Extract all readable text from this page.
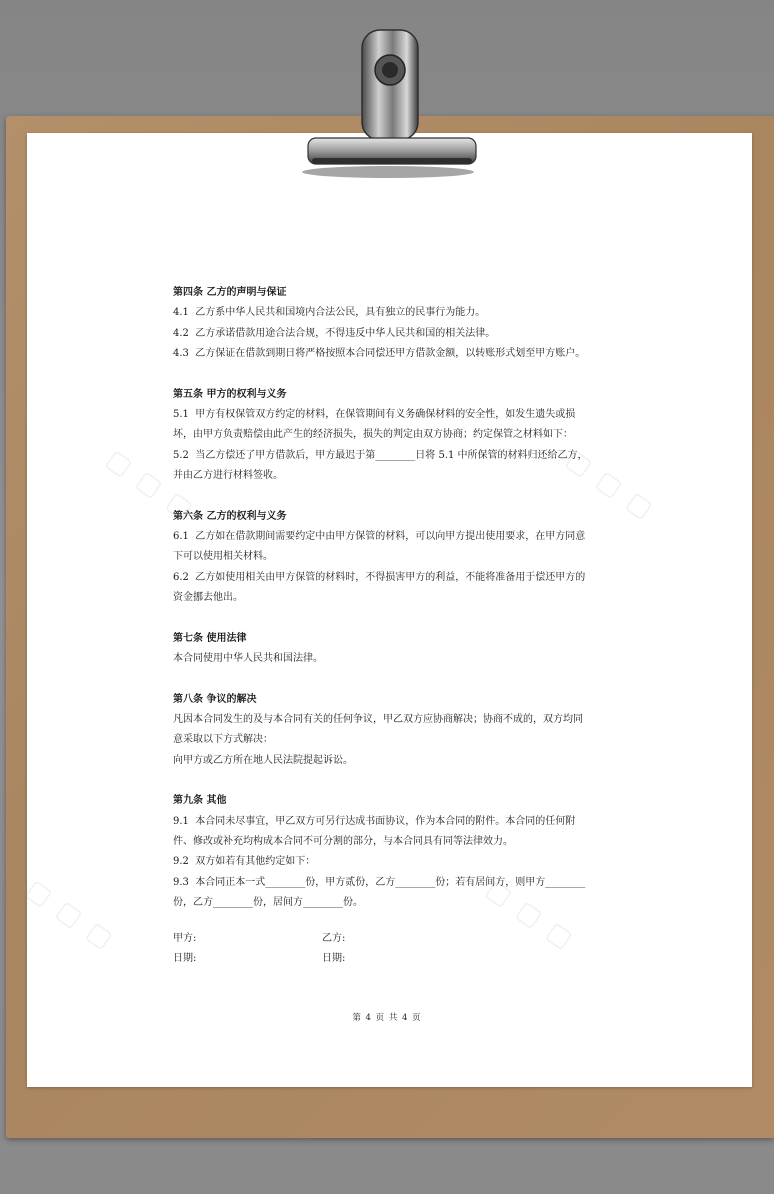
▢ ▢ ▢	▢ ▢ ▢
▢ ▢ ▢	▢ ▢ ▢
第四条 乙方的声明与保证
4.1  乙方系中华人民共和国境内合法公民，具有独立的民事行为能力。
4.2  乙方承诺借款用途合法合规，不得违反中华人民共和国的相关法律。
4.3  乙方保证在借款到期日将严格按照本合同偿还甲方借款金额，以转账形式划至甲方账户。
第五条 甲方的权利与义务
5.1  甲方有权保管双方约定的材料，在保管期间有义务确保材料的安全性，如发生遗失或损
坏，由甲方负责赔偿由此产生的经济损失，损失的判定由双方协商；约定保管之材料如下：
5.2  当乙方偿还了甲方借款后，甲方最迟于第________日将 5.1 中所保管的材料归还给乙方，
并由乙方进行材料签收。
第六条 乙方的权利与义务
6.1  乙方如在借款期间需要约定中由甲方保管的材料，可以向甲方提出使用要求，在甲方同意
下可以使用相关材料。
6.2  乙方如使用相关由甲方保管的材料时，不得损害甲方的利益，不能将准备用于偿还甲方的
资金挪去他出。
第七条 使用法律
本合同使用中华人民共和国法律。
第八条 争议的解决
凡因本合同发生的及与本合同有关的任何争议，甲乙双方应协商解决；协商不成的，双方均同
意采取以下方式解决：
向甲方或乙方所在地人民法院提起诉讼。
第九条 其他
9.1  本合同未尽事宜，甲乙双方可另行达成书面协议，作为本合同的附件。本合同的任何附
件、修改或补充均构成本合同不可分割的部分，与本合同具有同等法律效力。
9.2  双方如若有其他约定如下：
9.3  本合同正本一式________份，甲方贰份，乙方________份；若有居间方，则甲方________
份，乙方________份，居间方________份。
甲方:	乙方:
日期:	日期:
第 4 页 共 4 页
